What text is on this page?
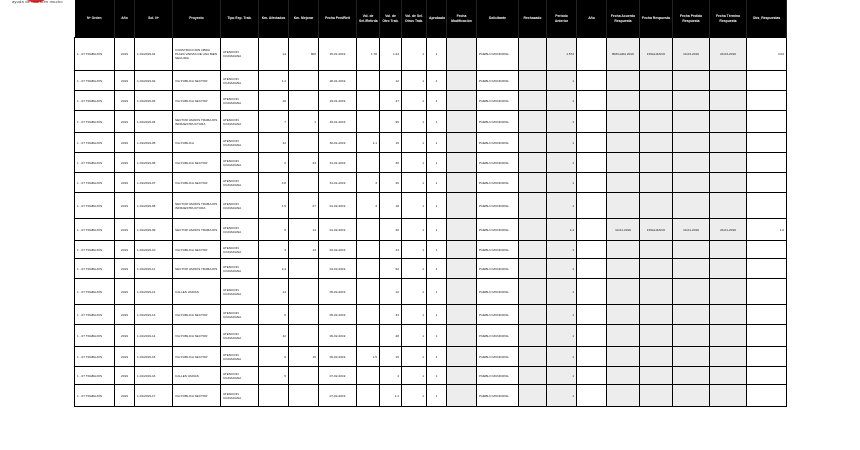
ayuda de una bien mucho
Nº Orden	Año	Sol. Nº	Proyecto	Tipo Exp. Trab.	Km. Afectados	Km. Mejorar	Fecha Prot/Reit	Vol. de Sel./Retirda	Vol. de Otro Trab.	Vol. de Sel. Otros Trab.	Aprobado	Fecha Modificación	Solicitante	Rechazado	Periodo Anterior	Año	Fecha Acuerdo Respuesta	Fecha Respuesta	Fecha Pedido Respuesta	Fecha Término Respuesta	Obs_Respuestas
1 - 07 TRABAJOS	2019	1-01/2019-01	CONSTRUCCION OBRA PLAZA VARIAS DE UNA BIEN SEGUIDA	ATENCION CIUDADANA	14	600	25-01-2019	1.78	1.23	1	1		PUEBLO MUNICIPAL		1.574		BRIGADA 2019	FINALIZADO	10-03-2019	20-03-2019	3.04
1 - 07 TRABAJOS	2019	1-01/2019-02	VIA PUBLICA SECTOR	ATENCION CIUDADANA	1.4		28-01-2019		12	1	1		PUEBLO MUNICIPAL		1						
1 - 07 TRABAJOS	2019	1-01/2019-03	VIA PUBLICA SECTOR	ATENCION CIUDADANA	46		29-01-2019		47	1	1		PUEBLO MUNICIPAL		1						
1 - 07 TRABAJOS	2019	1-01/2019-04	SECTOR VARIOS TRABAJOS INFRAESTRUCTURA	ATENCION CIUDADANA	7	1	29-01-2019		96	1	1		PUEBLO MUNICIPAL		1						
1 - 07 TRABAJOS	2019	1-01/2019-05	VIA PUBLICA	ATENCION CIUDADANA	12		30-01-2019	1.1	15	1	1		PUEBLO MUNICIPAL		1						
1 - 07 TRABAJOS	2019	1-01/2019-06	VIA PUBLICA SECTOR	ATENCION CIUDADANA	2	23	31-01-2019		30	1	1		PUEBLO MUNICIPAL		1						
1 - 07 TRABAJOS	2019	1-01/2019-07	VIA PUBLICA SECTOR	ATENCION CIUDADANA	4.8		31-01-2019	3	26	1	1		PUEBLO MUNICIPAL		1						
1 - 07 TRABAJOS	2019	1-01/2019-08	SECTOR VARIOS TRABAJOS INFRAESTRUCTURA	ATENCION CIUDADANA	1.5	27	01-02-2019	3	18	1	1		PUEBLO MUNICIPAL		1						
1 - 07 TRABAJOS	2019	1-01/2019-09	SECTOR VARIOS TRABAJOS	ATENCION CIUDADANA	5	14	01-02-2019		30	1	1		PUEBLO MUNICIPAL		1.4		10-01-2019	FINALIZADO	10-01-2019	20-01-2019	1.0
1 - 07 TRABAJOS	2019	1-01/2019-10	VIA PUBLICA SECTOR	ATENCION CIUDADANA	3	13	04-02-2019		24	1	1		PUEBLO MUNICIPAL		1						
1 - 07 TRABAJOS	2019	1-01/2019-11	SECTOR VARIOS TRABAJOS	ATENCION CIUDADANA	2.4		04-02-2019		52	1	1		PUEBLO MUNICIPAL		1						
1 - 07 TRABAJOS	2019	1-01/2019-12	CALLES VARIAS	ATENCION CIUDADANA	14		05-02-2019		12	1	1		PUEBLO MUNICIPAL		1						
1 - 07 TRABAJOS	2019	1-01/2019-13	VIA PUBLICA SECTOR	ATENCION CIUDADANA	6		05-02-2019		34	1	1		PUEBLO MUNICIPAL		1						
1 - 07 TRABAJOS	2019	1-01/2019-14	VIA PUBLICA SECTOR	ATENCION CIUDADANA	42		06-02-2019		28	1	1		PUEBLO MUNICIPAL		1						
1 - 07 TRABAJOS	2019	1-01/2019-15	VIA PUBLICA SECTOR	ATENCION CIUDADANA	9	15	06-02-2019	1.5	15	1	1		PUEBLO MUNICIPAL		1						
1 - 07 TRABAJOS	2019	1-01/2019-16	CALLES VARIAS	ATENCION CIUDADANA	5		07-02-2019		4	1	1		PUEBLO MUNICIPAL		1						
1 - 07 TRABAJOS	2019	1-01/2019-17	VIA PUBLICA SECTOR	ATENCION CIUDADANA			07-02-2019		1.4	1	1		PUEBLO MUNICIPAL		1						
